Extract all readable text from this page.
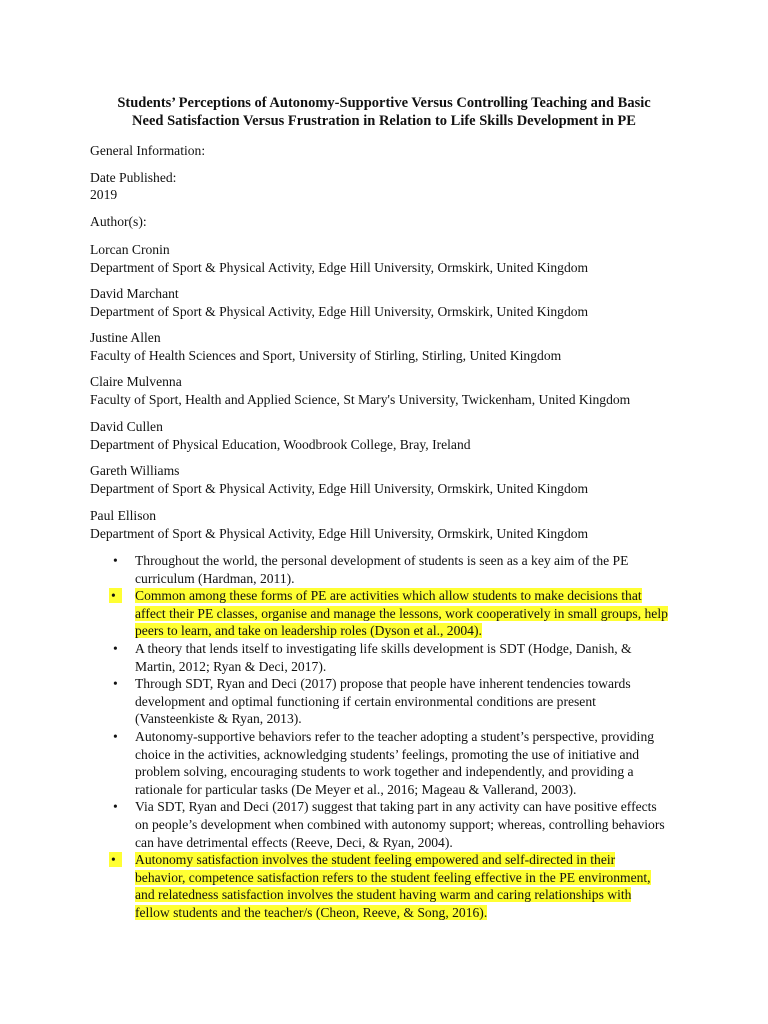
Students’ Perceptions of Autonomy-Supportive Versus Controlling Teaching and Basic
Need Satisfaction Versus Frustration in Relation to Life Skills Development in PE
General Information:
Date Published:
2019
Author(s):
Lorcan Cronin
Department of Sport & Physical Activity, Edge Hill University, Ormskirk, United Kingdom
David Marchant
Department of Sport & Physical Activity, Edge Hill University, Ormskirk, United Kingdom
Justine Allen
Faculty of Health Sciences and Sport, University of Stirling, Stirling, United Kingdom
Claire Mulvenna
Faculty of Sport, Health and Applied Science, St Mary's University, Twickenham, United Kingdom
David Cullen
Department of Physical Education, Woodbrook College, Bray, Ireland
Gareth Williams
Department of Sport & Physical Activity, Edge Hill University, Ormskirk, United Kingdom
Paul Ellison
Department of Sport & Physical Activity, Edge Hill University, Ormskirk, United Kingdom
•	Throughout the world, the personal development of students is seen as a key aim of the PE
curriculum (Hardman, 2011).
•	Common among these forms of PE are activities which allow students to make decisions that
affect their PE classes, organise and manage the lessons, work cooperatively in small groups, help
peers to learn, and take on leadership roles (Dyson et al., 2004).
•	A theory that lends itself to investigating life skills development is SDT (Hodge, Danish, &
Martin, 2012; Ryan & Deci, 2017).
•	Through SDT, Ryan and Deci (2017) propose that people have inherent tendencies towards
development and optimal functioning if certain environmental conditions are present
(Vansteenkiste & Ryan, 2013).
•	Autonomy-supportive behaviors refer to the teacher adopting a student’s perspective, providing
choice in the activities, acknowledging students’ feelings, promoting the use of initiative and
problem solving, encouraging students to work together and independently, and providing a
rationale for particular tasks (De Meyer et al., 2016; Mageau & Vallerand, 2003).
•	Via SDT, Ryan and Deci (2017) suggest that taking part in any activity can have positive effects
on people’s development when combined with autonomy support; whereas, controlling behaviors
can have detrimental effects (Reeve, Deci, & Ryan, 2004).
•	Autonomy satisfaction involves the student feeling empowered and self-directed in their
behavior, competence satisfaction refers to the student feeling effective in the PE environment,
and relatedness satisfaction involves the student having warm and caring relationships with
fellow students and the teacher/s (Cheon, Reeve, & Song, 2016).
